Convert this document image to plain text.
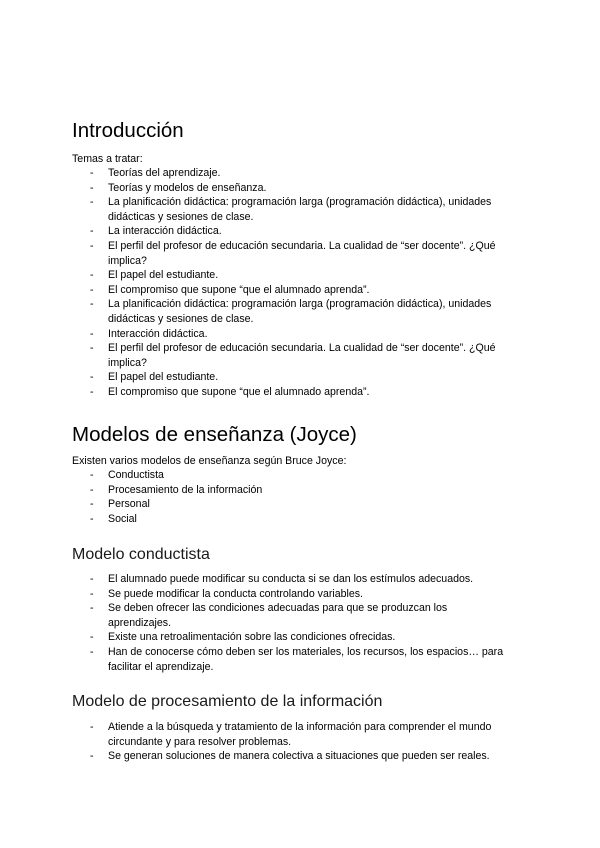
Introducción
Temas a tratar:
- Teorías del aprendizaje.
- Teorías y modelos de enseñanza.
- La planificación didáctica: programación larga (programación didáctica), unidades didácticas y sesiones de clase.
- La interacción didáctica.
- El perfil del profesor de educación secundaria. La cualidad de “ser docente”. ¿Qué implica?
- El papel del estudiante.
- El compromiso que supone “que el alumnado aprenda”.
- La planificación didáctica: programación larga (programación didáctica), unidades didácticas y sesiones de clase.
- Interacción didáctica.
- El perfil del profesor de educación secundaria. La cualidad de “ser docente”. ¿Qué implica?
- El papel del estudiante.
- El compromiso que supone “que el alumnado aprenda”.
Modelos de enseñanza (Joyce)
Existen varios modelos de enseñanza según Bruce Joyce:
- Conductista
- Procesamiento de la información
- Personal
- Social
Modelo conductista
- El alumnado puede modificar su conducta si se dan los estímulos adecuados.
- Se puede modificar la conducta controlando variables.
- Se deben ofrecer las condiciones adecuadas para que se produzcan los aprendizajes.
- Existe una retroalimentación sobre las condiciones ofrecidas.
- Han de conocerse cómo deben ser los materiales, los recursos, los espacios… para facilitar el aprendizaje.
Modelo de procesamiento de la información
- Atiende a la búsqueda y tratamiento de la información para comprender el mundo circundante y para resolver problemas.
- Se generan soluciones de manera colectiva a situaciones que pueden ser reales.
